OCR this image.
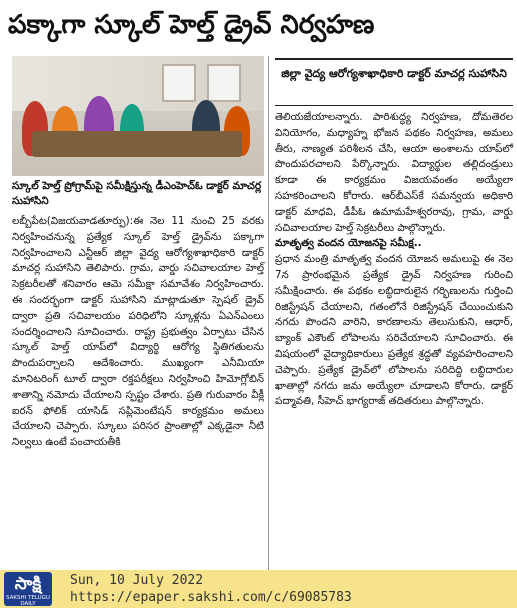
పక్కాగా స్కూల్ హెల్త్ డ్రైవ్ నిర్వహణ
స్కూల్ హెల్త్ ప్రోగ్రామ్‌పై సమీక్షిస్తున్న డీఎంహెచ్ఓ డాక్టర్ మాచర్ల సుహాసిని

లబ్బీపేట(విజయవాడతూర్పు):ఈ నెల 11 నుంచి 25 వరకు నిర్వహించనున్న ప్రత్యేక స్కూల్ హెల్త్ డ్రైవ్‌ను పక్కాగా నిర్వహించాలని ఎన్టీఆర్ జిల్లా వైద్య ఆరోగ్యశాఖాధికారి డాక్టర్ మాచర్ల సుహాసిని తెలిపారు. గ్రామ, వార్డు సచివాలయాల హెల్త్ సెక్రటరీలతో శనివారం ఆమె సమీక్షా సమావేశం నిర్వహించారు. ఈ సందర్భంగా డాక్టర్ సుహాసిని మాట్లాడుతూ స్పెషల్ డ్రైవ్ ద్వారా ప్రతి సచివాలయం పరిధిలోని స్కూళ్లను ఏఎన్ఎంలు సందర్శించాలని సూచించారు. రాష్ట్ర ప్రభుత్వం ఏర్పాటు చేసిన స్కూల్ హెల్త్ యాప్‌లో విద్యార్థి ఆరోగ్య స్థితిగతులను పొందుపర్చాలని ఆదేశించారు. ముఖ్యంగా ఎనీమియా మానిటరింగ్ టూల్ ద్వారా రక్తపరీక్షలు నిర్వహించి హిమోగ్లోబిన్ శాతాన్ని నమోదు చేయాలని స్పష్టం చేశారు. ప్రతి గురువారం వీక్లీ ఐరన్ ఫోలిక్ యాసిడ్ సప్లిమెంటేషన్ కార్యక్రమం అమలు చేయాలని చెప్పారు. స్కూలు పరిసర ప్రాంతాల్లో ఎక్కడైనా నీటి నిల్వలు ఉంటే పంచాయతీకి

జిల్లా వైద్య ఆరోగ్యశాఖాధికారి డాక్టర్ మాచర్ల సుహాసిని

తెలియజేయాలన్నారు. పారిశుద్ధ్య నిర్వహణ, దోమతెరల వినియోగం, మధ్యాహ్న భోజన పథకం నిర్వహణ, అమలు తీరు, నాణ్యత పరిశీలన చేసి, ఆయా అంశాలను యాప్‌లో పొందుపరచాలని పేర్కొన్నారు. విద్యార్థుల తల్లిదండ్రులు కూడా ఈ కార్యక్రమం విజయవంతం అయ్యేలా సహకరించాలని కోరారు. ఆర్‌బీఎస్‌కే సమన్వయ అధికారి డాక్టర్ మాధవి, డీపీఓ ఉమామహేశ్వరరావు, గ్రామ, వార్డు సచివాలయాల హెల్త్ సెక్రటరీలు పాల్గొన్నారు.

మాతృత్వ వందన యోజనపై సమీక్ష..

ప్రధాన మంత్రి మాతృత్వ వందన యోజన అమలుపై ఈ నెల 7న ప్రారంభమైన ప్రత్యేక డ్రైవ్ నిర్వహణ గురించి సమీక్షించారు. ఈ పథకం లబ్ధిదారులైన గర్భిణులను గుర్తించి రిజిస్ట్రేషన్ చేయాలని, గతంలోనే రిజిస్ట్రేషన్ చేయించుకుని నగదు పొందని వారిని, కారణాలను తెలుసుకుని, ఆధార్, బ్యాంక్ ఎకౌంట్ లోపాలను సరిచేయాలని సూచించారు. ఈ విషయంలో వైద్యాధికారులు ప్రత్యేక శ్రద్ధతో వ్యవహరించాలని చెప్పారు. ప్రత్యేక డ్రైవ్‌లో లోపాలను సరిదిద్ది లబ్ధిదారుల ఖాతాల్లో నగదు జమ అయ్యేలా చూడాలని కోరారు. డాక్టర్ పద్మావతి, సీహెచ్ భాగ్యరాజ్ తదితరులు పాల్గొన్నారు.

సాక్షి
SAKSHI TELUGU DAILY
Sun, 10 July 2022
https://epaper.sakshi.com/c/69085783
